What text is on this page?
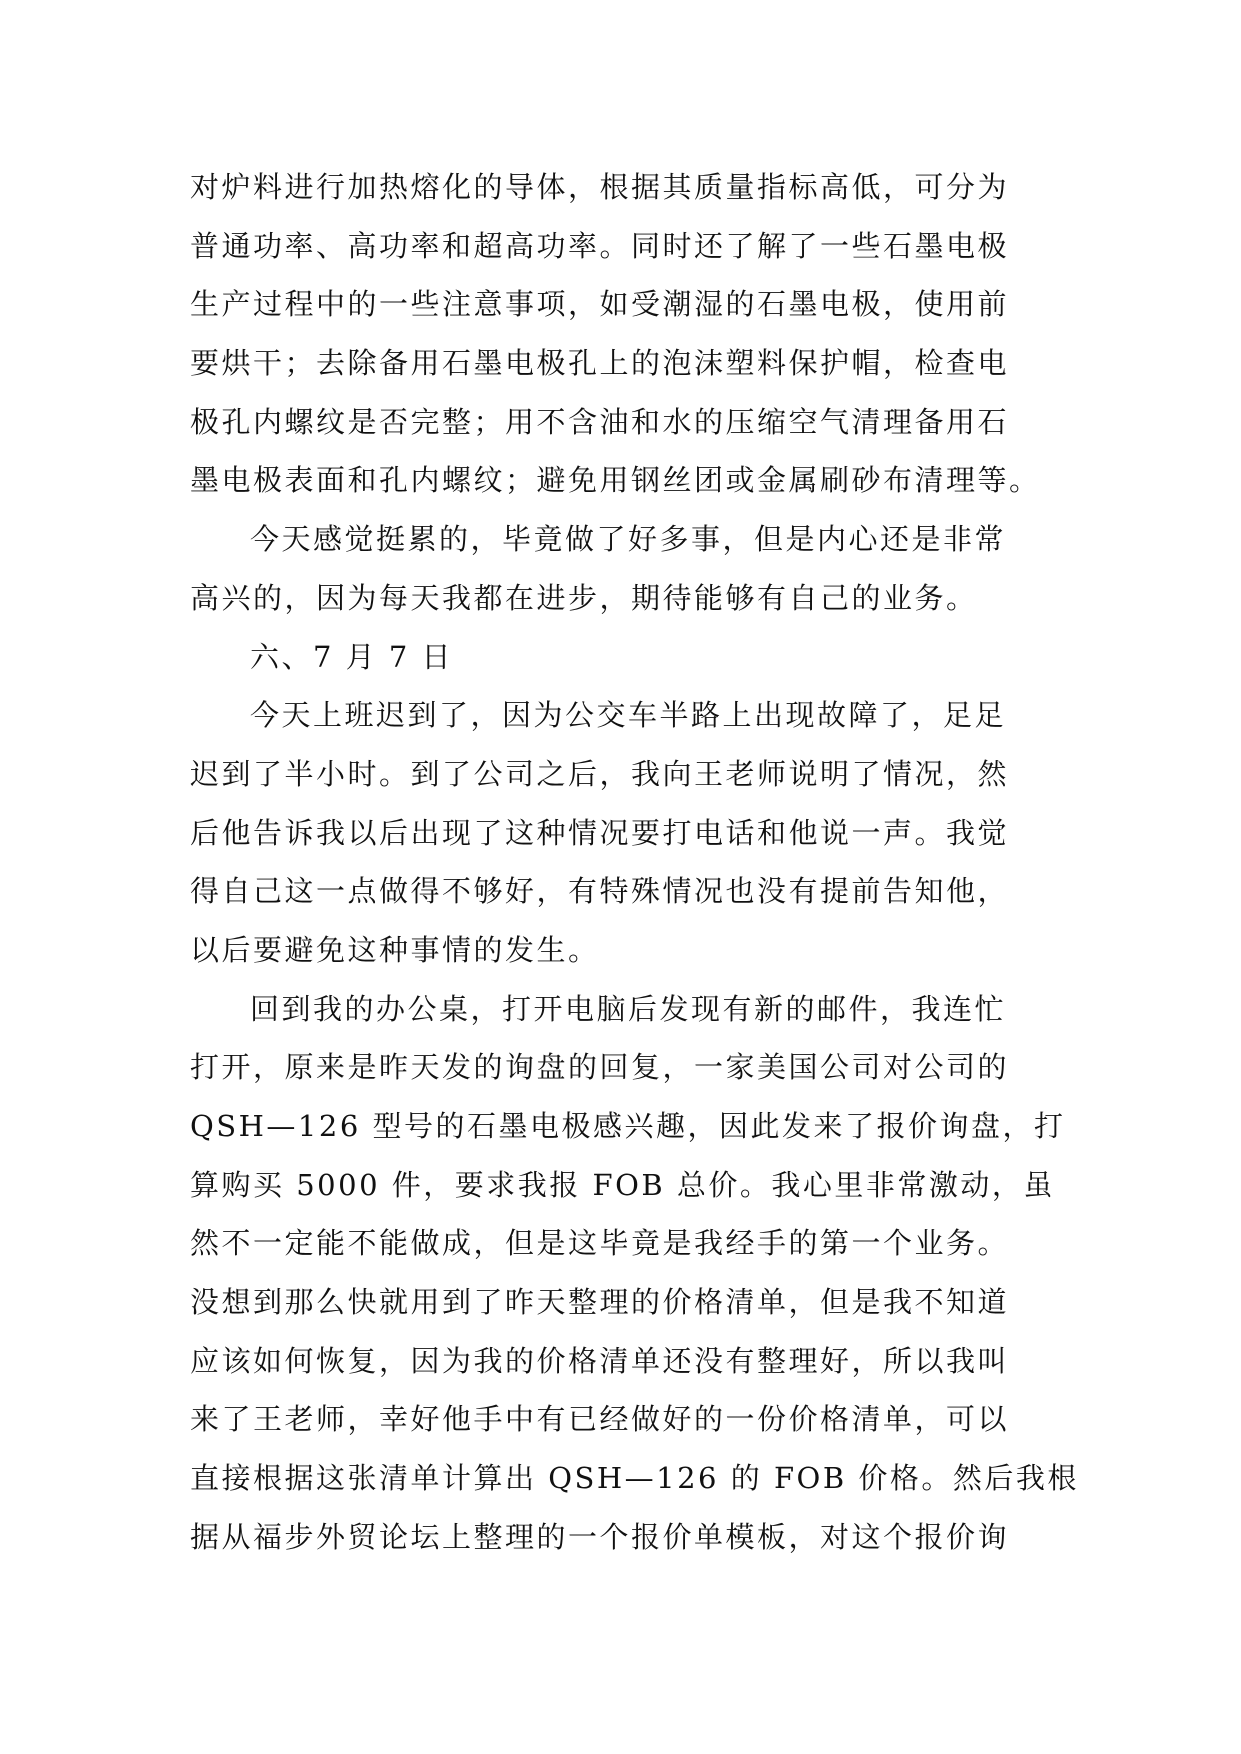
对炉料进行加热熔化的导体，根据其质量指标高低，可分为
普通功率、高功率和超高功率。同时还了解了一些石墨电极
生产过程中的一些注意事项，如受潮湿的石墨电极，使用前
要烘干；去除备用石墨电极孔上的泡沫塑料保护帽，检查电
极孔内螺纹是否完整；用不含油和水的压缩空气清理备用石
墨电极表面和孔内螺纹；避免用钢丝团或金属刷砂布清理等。
今天感觉挺累的，毕竟做了好多事，但是内心还是非常
高兴的，因为每天我都在进步，期待能够有自己的业务。
六、7 月 7 日
今天上班迟到了，因为公交车半路上出现故障了，足足
迟到了半小时。到了公司之后，我向王老师说明了情况，然
后他告诉我以后出现了这种情况要打电话和他说一声。我觉
得自己这一点做得不够好，有特殊情况也没有提前告知他，
以后要避免这种事情的发生。
回到我的办公桌，打开电脑后发现有新的邮件，我连忙
打开，原来是昨天发的询盘的回复，一家美国公司对公司的
QSH—126 型号的石墨电极感兴趣，因此发来了报价询盘，打
算购买 5000 件，要求我报 FOB 总价。我心里非常激动，虽
然不一定能不能做成，但是这毕竟是我经手的第一个业务。
没想到那么快就用到了昨天整理的价格清单，但是我不知道
应该如何恢复，因为我的价格清单还没有整理好，所以我叫
来了王老师，幸好他手中有已经做好的一份价格清单，可以
直接根据这张清单计算出 QSH—126 的 FOB 价格。然后我根
据从福步外贸论坛上整理的一个报价单模板，对这个报价询
